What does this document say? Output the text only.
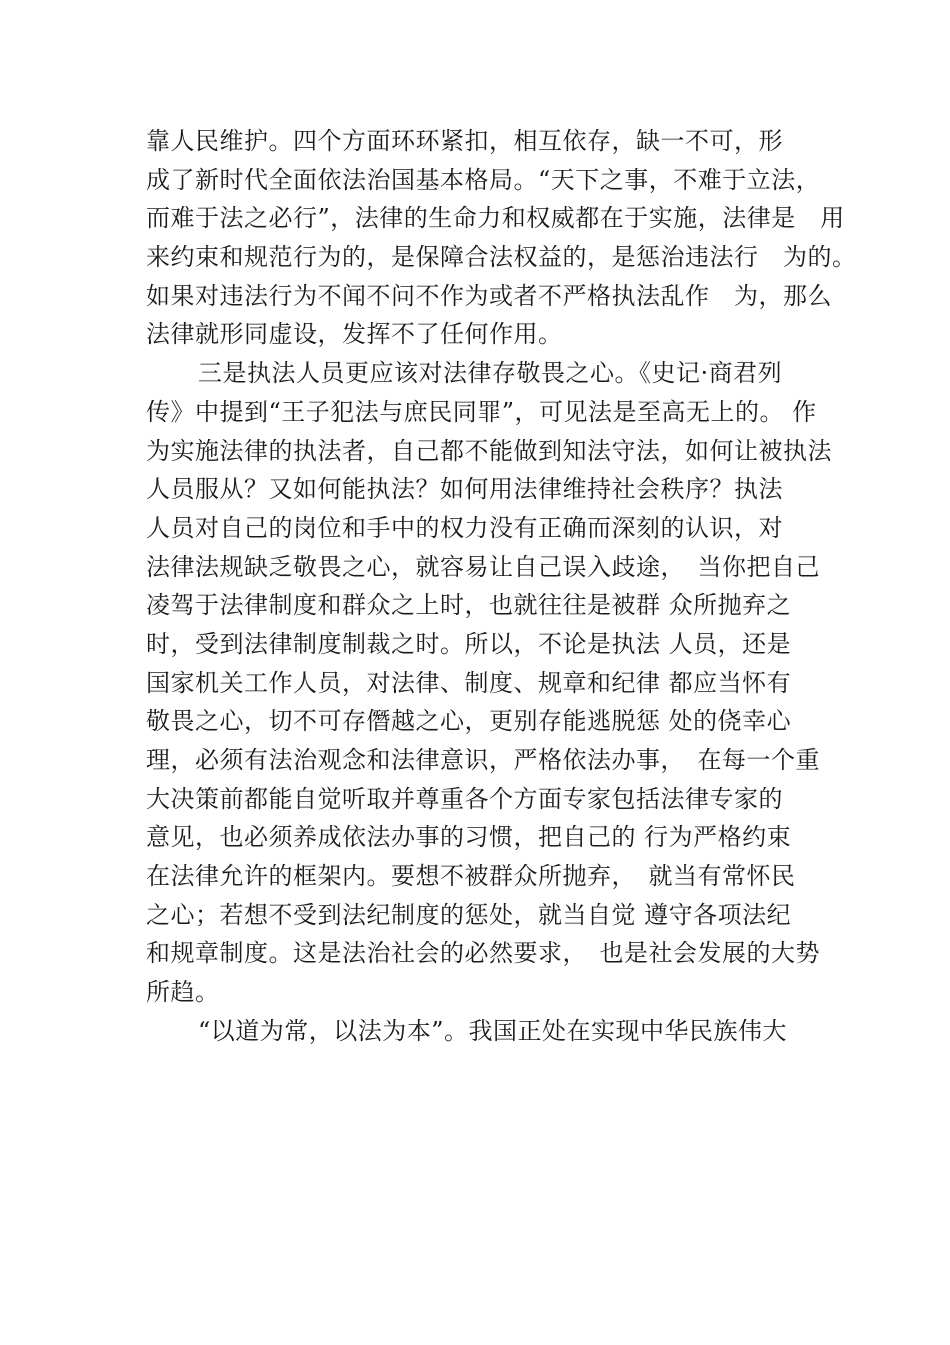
靠人民维护。四个方面环环紧扣，相互依存，缺一不可，形
成了新时代全面依法治国基本格局。“天下之事，不难于立法，
而难于法之必行”，法律的生命力和权威都在于实施，法律是　用
来约束和规范行为的，是保障合法权益的，是惩治违法行　为的。
如果对违法行为不闻不问不作为或者不严格执法乱作　为，那么
法律就形同虚设，发挥不了任何作用。
三是执法人员更应该对法律存敬畏之心。《史记·商君列
传》中提到“王子犯法与庶民同罪”，可见法是至高无上的。 作
为实施法律的执法者，自己都不能做到知法守法，如何让被执法
人员服从？又如何能执法？如何用法律维持社会秩序？执法
人员对自己的岗位和手中的权力没有正确而深刻的认识，对
法律法规缺乏敬畏之心，就容易让自己误入歧途，　当你把自己
凌驾于法律制度和群众之上时，也就往往是被群 众所抛弃之
时，受到法律制度制裁之时。所以，不论是执法 人员，还是
国家机关工作人员，对法律、制度、规章和纪律 都应当怀有
敬畏之心，切不可存僭越之心，更别存能逃脱惩 处的侥幸心
理，必须有法治观念和法律意识，严格依法办事，　在每一个重
大决策前都能自觉听取并尊重各个方面专家包括法律专家的
意见，也必须养成依法办事的习惯，把自己的 行为严格约束
在法律允许的框架内。要想不被群众所抛弃，　就当有常怀民
之心；若想不受到法纪制度的惩处，就当自觉 遵守各项法纪
和规章制度。这是法治社会的必然要求，　也是社会发展的大势
所趋。
“以道为常，以法为本”。我国正处在实现中华民族伟大
